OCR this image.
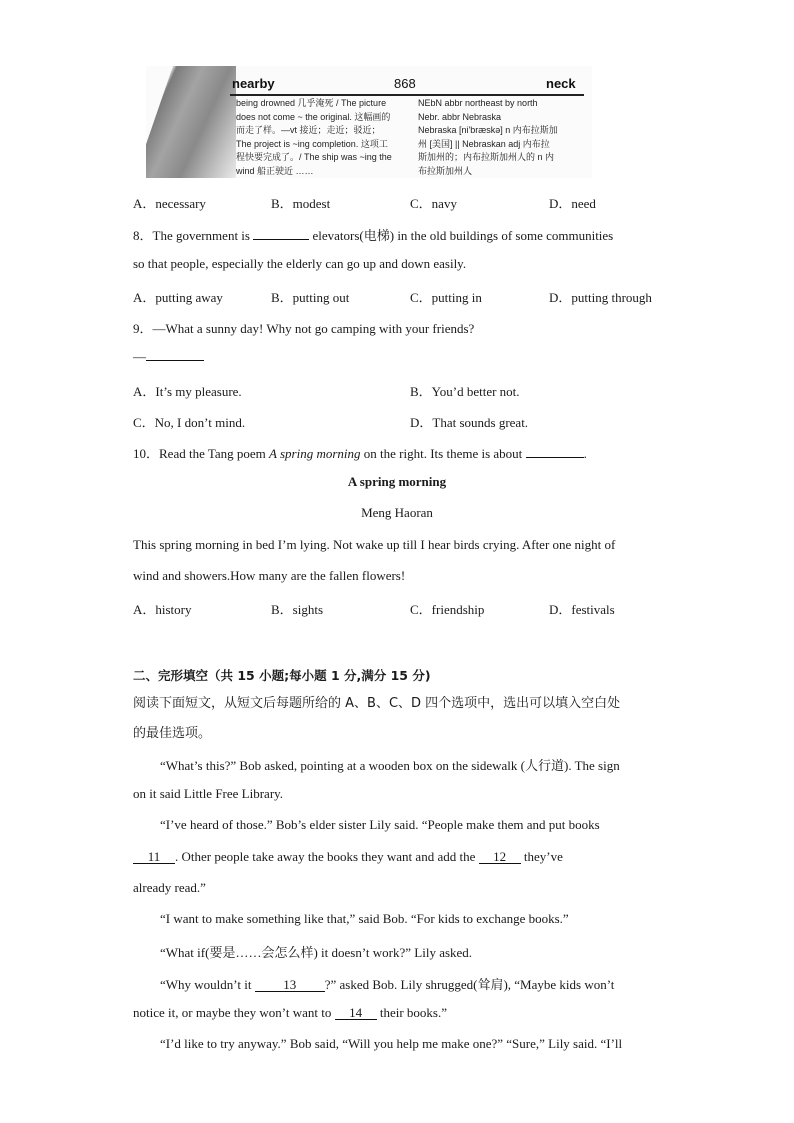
nearby	868	neck
being drowned 几乎淹死 / The picture
does not come ~ the original. 这幅画的
而走了样。—vt 接近；走近；驳近；
The project is ~ing completion. 这项工
程快要完成了。/ The ship was ~ing the
wind 船正驶近 ……
NEbN abbr northeast by north
Nebr. abbr Nebraska
Nebraska [ni'bræskə] n 内布拉斯加
州 [美国] || Nebraskan adj 内布拉
斯加州的；内布拉斯加州人的 n 内
布拉斯加州人
A．necessary	B．modest	C．navy	D．need
8．The government is	elevators(电梯) in the old buildings of some communities
so that people, especially the elderly can go up and down easily.
A．putting away	B．putting out	C．putting in	D．putting through
9．—What a sunny day! Why not go camping with your friends?
—
A．It’s my pleasure.	B．You’d better not.
C．No, I don’t mind.	D．That sounds great.
10．Read the Tang poem A spring morning on the right. Its theme is about	.
A spring morning
Meng Haoran
This spring morning in bed I’m lying. Not wake up till I hear birds crying. After one night of
wind and showers.How many are the fallen flowers!
A．history	B．sights	C．friendship	D．festivals
二、完形填空（共 15 小题;每小题 1 分,满分 15 分)
阅读下面短文，从短文后每题所给的 A、B、C、D 四个选项中，选出可以填入空白处
的最佳选项。
“What’s this?” Bob asked, pointing at a wooden box on the sidewalk (人行道). The sign
on it said Little Free Library.
“I’ve heard of those.” Bob’s elder sister Lily said. “People make them and put books
11 . Other people take away the books they want and add the 12 they’ve
already read.”
“I want to make something like that,” said Bob. “For kids to exchange books.”
“What if(要是……会怎么样) it doesn’t work?” Lily asked.
“Why wouldn’t it 13 ?” asked Bob. Lily shrugged(耸肩), “Maybe kids won’t
notice it, or maybe they won’t want to 14 their books.”
“I’d like to try anyway.” Bob said, “Will you help me make one?” “Sure,” Lily said. “I’ll
